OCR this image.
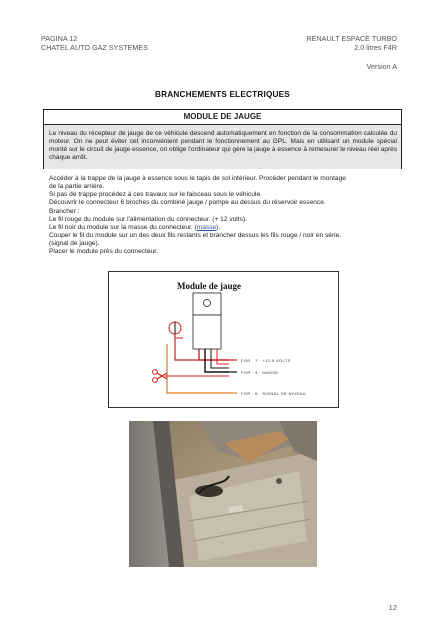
PAGINA 12
CHATEL AUTO GAZ SYSTEMES
RENAULT ESPACE TURBO
2.0 litres F4R
Version A
BRANCHEMENTS ELECTRIQUES
MODULE DE JAUGE
Le niveau du récepteur de jauge de ce véhicule descend automatiquement en fonction de la consommation calculée du moteur. On ne peut éviter cet inconvénient pendant le fonctionnement au GPL. Mais en utilisant un module spécial monté sur le circuit de jauge essence, on oblige l'ordinateur qui gère la jauge à essence à remesurer le niveau réel après chaque arrêt.
Accéder à la trappe de la jauge à essence sous le tapis de sol intérieur. Procéder pendant le montage
de la partie arrière.
Si pas de trappe procédez à ces travaux sur le faisceau sous le véhicule.
Découvrir le connecteur 6 broches du combiné jauge / pompe au dessus du réservoir essence.
Brancher :
Le fil rouge du module sur l'alimentation du connecteur. (+ 12 volts).
Le fil noir du module sur la masse du connecteur. (masse).
Couper le fil du module sur un des deux fils restants et brancher dessus les fils rouge / noir en série.
(signal de jauge).
Placer le module près du connecteur.
Module de jauge
FOR . 7 : +12,5 VOLTS
FOR . 4 : MASSE
FOR . 6 : SIGNAL DE NIVEAU
12
